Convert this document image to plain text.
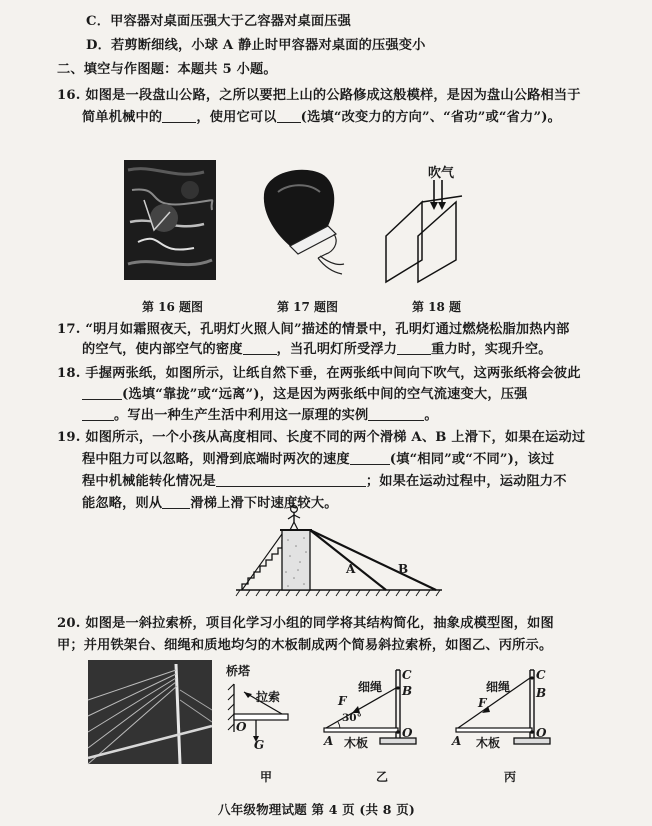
C．甲容器对桌面压强大于乙容器对桌面压强
D．若剪断细线，小球 A 静止时甲容器对桌面的压强变小
二、填空与作图题：本题共 5 小题。
16. 如图是一段盘山公路，之所以要把上山的公路修成这般模样，是因为盘山公路相当于
简单机械中的	，使用它可以 (选填“改变力的方向”、“省功”或“省力”)。
吹气
第 16 题图	第 17 题图	第 18 题
17. “明月如霜照夜天，孔明灯火照人间”描述的情景中，孔明灯通过燃烧松脂加热内部
的空气，使内部空气的密度	，当孔明灯所受浮力	重力时，实现升空。
18. 手握两张纸，如图所示，让纸自然下垂，在两张纸中间向下吹气，这两张纸将会彼此
(选填“靠拢”或“远离”)，这是因为两张纸中间的空气流速变大，压强
。写出一种生产生活中利用这一原理的实例	。
19. 如图所示，一个小孩从高度相同、长度不同的两个滑梯 A、B 上滑下，如果在运动过
程中阻力可以忽略，则滑到底端时两次的速度	(填“相同”或“不同”)，该过
程中机械能转化情况是	；如果在运动过程中，运动阻力不
能忽略，则从 滑梯上滑下时速度较大。
A	B
20. 如图是一斜拉索桥，项目化学习小组的同学将其结构简化，抽象成模型图，如图
甲；并用铁架台、细绳和质地均匀的木板制成两个简易斜拉索桥，如图乙、丙所示。
桥塔
拉索
O
G
细绳
F
C
B
30°
A 木板
O
细绳
F
C
B
A 木板
O
甲	乙	丙
八年级物理试题 第 4 页 (共 8 页)
